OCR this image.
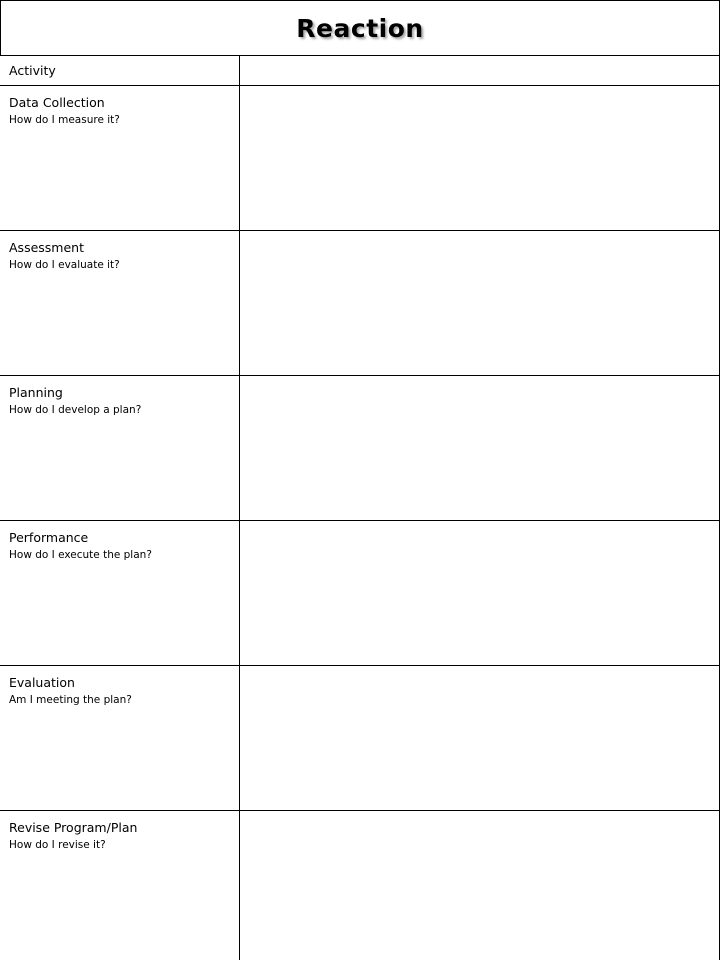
Reaction
Activity
Data Collection
How do I measure it?
Assessment
How do I evaluate it?
Planning
How do I develop a plan?
Performance
How do I execute the plan?
Evaluation
Am I meeting the plan?
Revise Program/Plan
How do I revise it?
